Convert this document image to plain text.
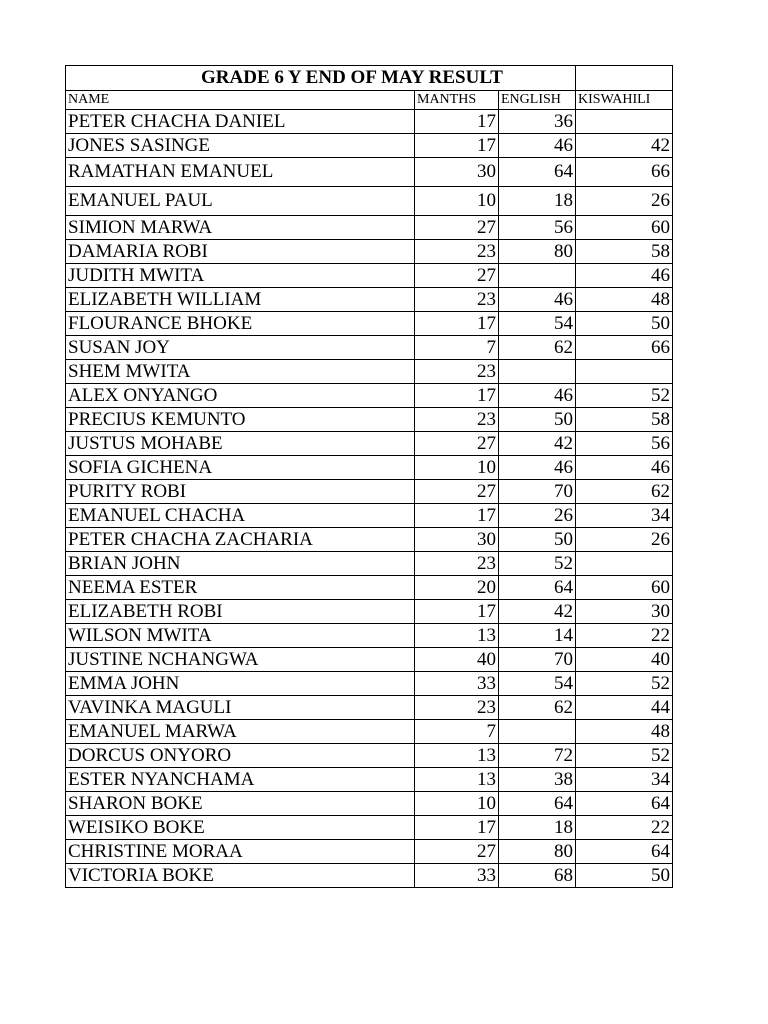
GRADE 6 Y END OF MAY RESULT			

NAME	MANTHS	ENGLISH	KISWAHILI
PETER CHACHA DANIEL	17	36	
JONES SASINGE	17	46	42
RAMATHAN EMANUEL	30	64	66
EMANUEL PAUL	10	18	26
SIMION MARWA	27	56	60
DAMARIA ROBI	23	80	58
JUDITH MWITA	27		46
ELIZABETH WILLIAM	23	46	48
FLOURANCE BHOKE	17	54	50
SUSAN JOY	7	62	66
SHEM MWITA	23		
ALEX ONYANGO	17	46	52
PRECIUS KEMUNTO	23	50	58
JUSTUS MOHABE	27	42	56
SOFIA GICHENA	10	46	46
PURITY ROBI	27	70	62
EMANUEL CHACHA	17	26	34
PETER CHACHA ZACHARIA	30	50	26
BRIAN JOHN	23	52	
NEEMA ESTER	20	64	60
ELIZABETH ROBI	17	42	30
WILSON MWITA	13	14	22
JUSTINE NCHANGWA	40	70	40
EMMA JOHN	33	54	52
VAVINKA MAGULI	23	62	44
EMANUEL MARWA	7		48
DORCUS ONYORO	13	72	52
ESTER NYANCHAMA	13	38	34
SHARON BOKE	10	64	64
WEISIKO BOKE	17	18	22
CHRISTINE MORAA	27	80	64
VICTORIA BOKE	33	68	50
